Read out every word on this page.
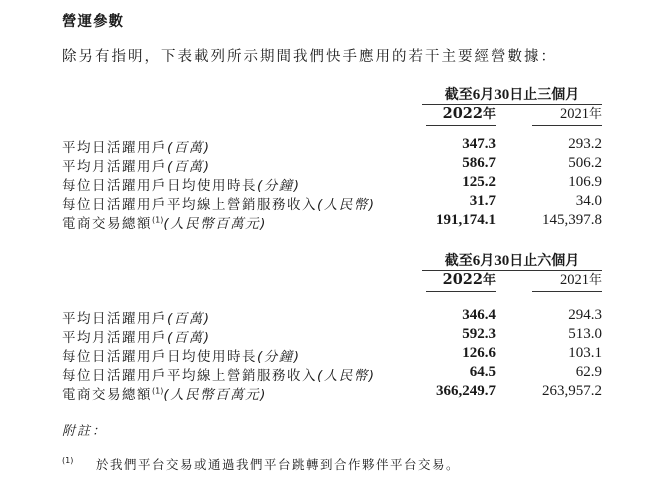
營運參數
除另有指明，下表載列所示期間我們快手應用的若干主要經營數據：
截至6月30日止三個月
2022年	2021年
平均日活躍用戶(百萬)	347.3	293.2
平均月活躍用戶(百萬)	586.7	506.2
每位日活躍用戶日均使用時長(分鐘)	125.2	106.9
每位日活躍用戶平均線上營銷服務收入(人民幣)	31.7	34.0
電商交易總額$^{(1)}$(人民幣百萬元)	191,174.1	145,397.8
截至6月30日止六個月
2022年	2021年
平均日活躍用戶(百萬)	346.4	294.3
平均月活躍用戶(百萬)	592.3	513.0
每位日活躍用戶日均使用時長(分鐘)	126.6	103.1
每位日活躍用戶平均線上營銷服務收入(人民幣)	64.5	62.9
電商交易總額$^{(1)}$(人民幣百萬元)	366,249.7	263,957.2
附註：
(1) 於我們平台交易或通過我們平台跳轉到合作夥伴平台交易。
